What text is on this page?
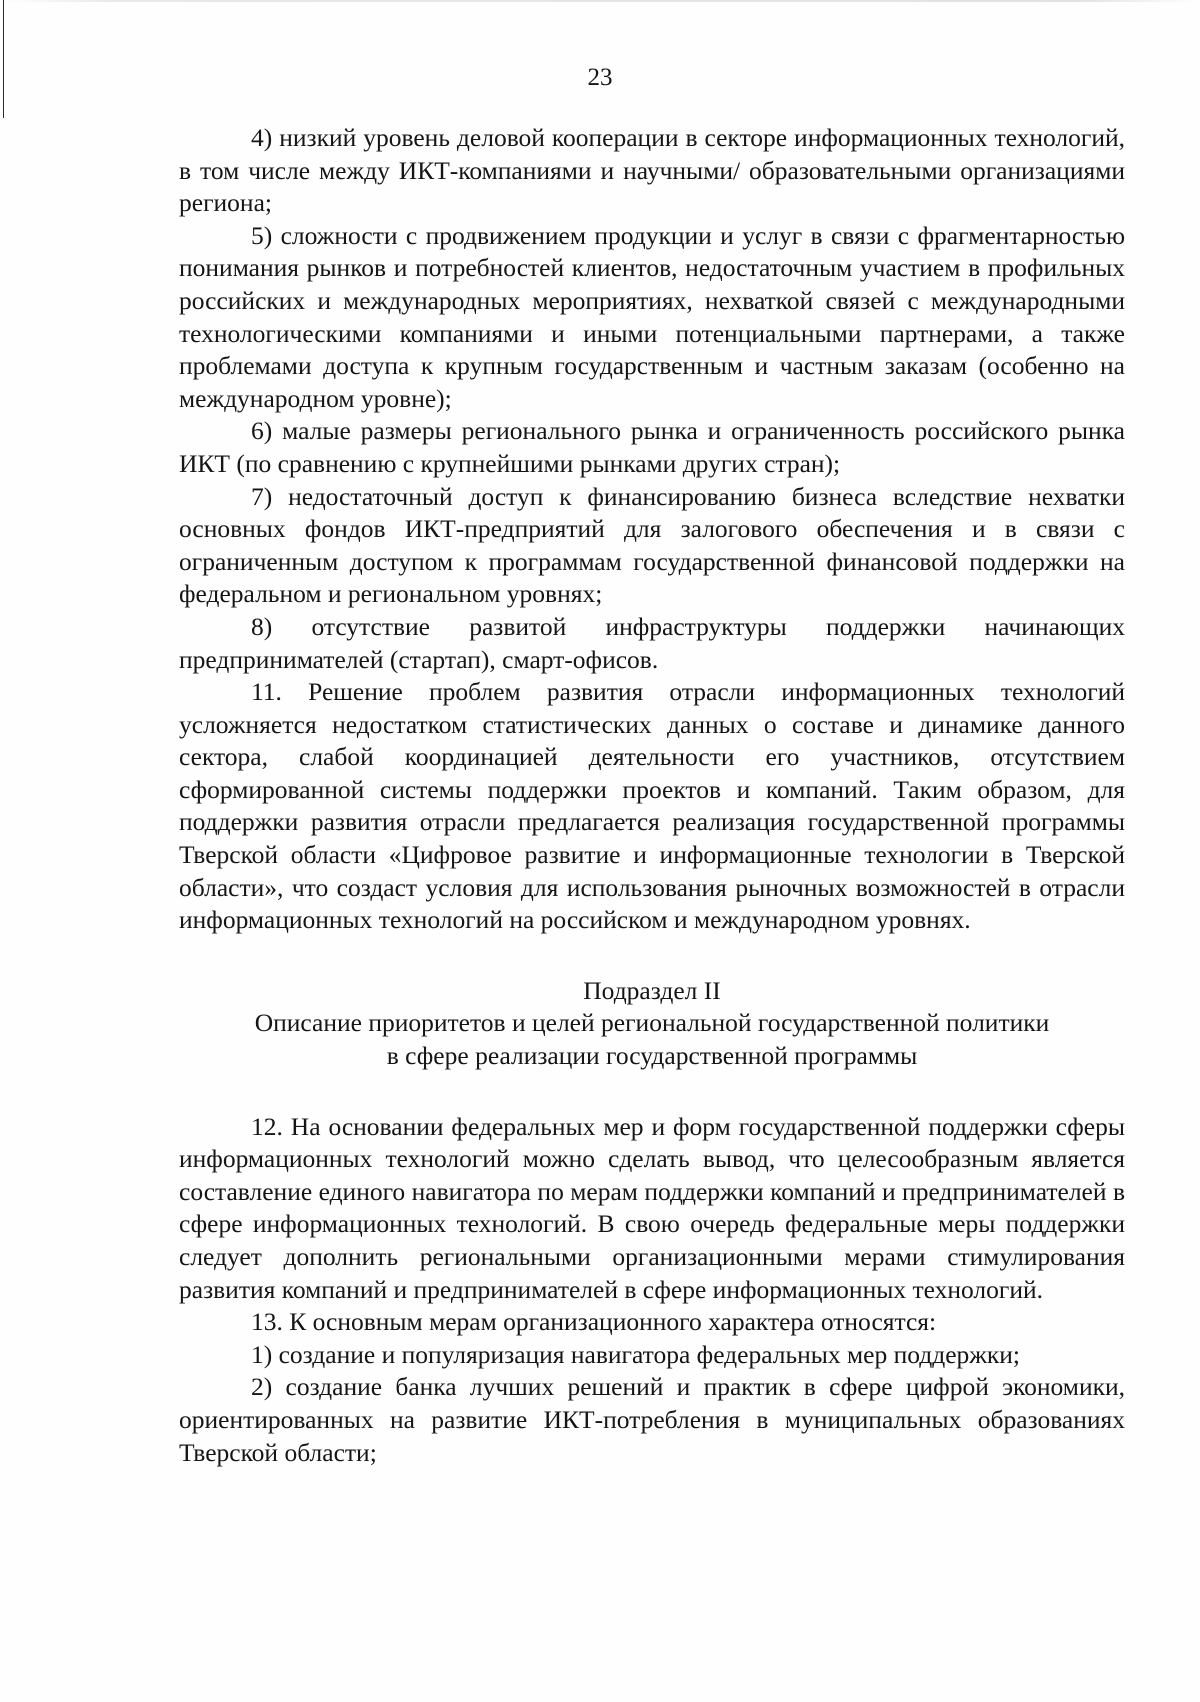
23

4) низкий уровень деловой кооперации в секторе информационных технологий, в том числе между ИКТ-компаниями и научными/ образовательными организациями региона;

5) сложности с продвижением продукции и услуг в связи с фрагментарностью понимания рынков и потребностей клиентов, недостаточным участием в профильных российских и международных мероприятиях, нехваткой связей с международными технологическими компаниями и иными потенциальными партнерами, а также проблемами доступа к крупным государственным и частным заказам (особенно на международном уровне);

6) малые размеры регионального рынка и ограниченность российского рынка ИКТ (по сравнению с крупнейшими рынками других стран);

7) недостаточный доступ к финансированию бизнеса вследствие нехватки основных фондов ИКТ-предприятий для залогового обеспечения и в связи с ограниченным доступом к программам государственной финансовой поддержки на федеральном и региональном уровнях;

8) отсутствие развитой инфраструктуры поддержки начинающих предпринимателей (стартап), смарт-офисов.

11. Решение проблем развития отрасли информационных технологий усложняется недостатком статистических данных о составе и динамике данного сектора, слабой координацией деятельности его участников, отсутствием сформированной системы поддержки проектов и компаний. Таким образом, для поддержки развития отрасли предлагается реализация государственной программы Тверской области «Цифровое развитие и информационные технологии в Тверской области», что создаст условия для использования рыночных возможностей в отрасли информационных технологий на российском и международном уровнях.

Подраздел II

Описание приоритетов и целей региональной государственной политики

в сфере реализации государственной программы

12. На основании федеральных мер и форм государственной поддержки сферы информационных технологий можно сделать вывод, что целесообразным является составление единого навигатора по мерам поддержки компаний и предпринимателей в сфере информационных технологий. В свою очередь федеральные меры поддержки следует дополнить региональными организационными мерами стимулирования развития компаний и предпринимателей в сфере информационных технологий.

13. К основным мерам организационного характера относятся:

1) создание и популяризация навигатора федеральных мер поддержки;

2) создание банка лучших решений и практик в сфере цифрой экономики, ориентированных на развитие ИКТ-потребления в муниципальных образованиях Тверской области;
